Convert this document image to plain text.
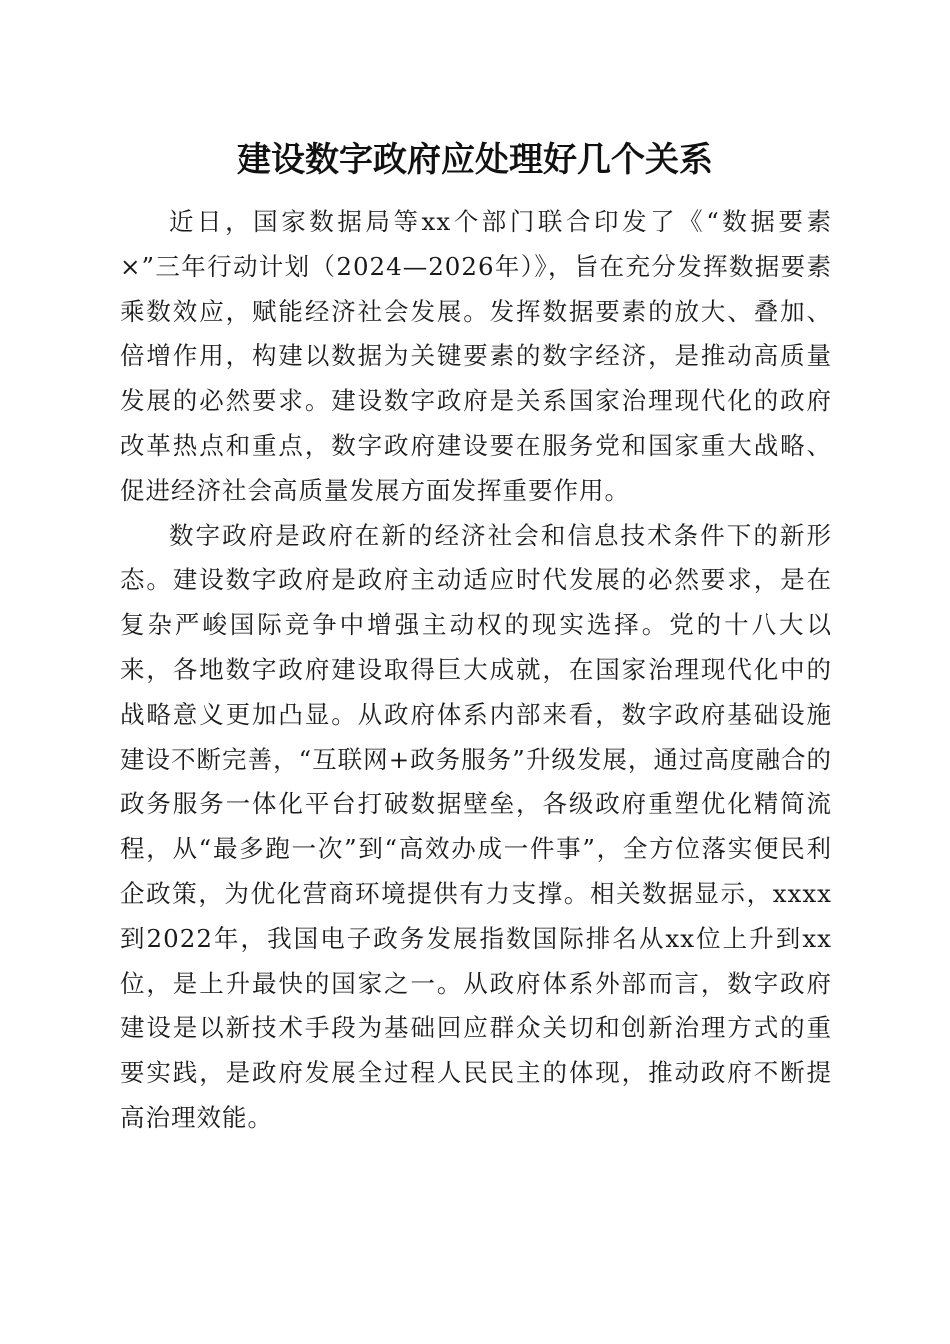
建设数字政府应处理好几个关系

近日，国家数据局等xx个部门联合印发了《“数据要素×”三年行动计划（2024—2026年）》，旨在充分发挥数据要素乘数效应，赋能经济社会发展。发挥数据要素的放大、叠加、倍增作用，构建以数据为关键要素的数字经济，是推动高质量发展的必然要求。建设数字政府是关系国家治理现代化的政府改革热点和重点，数字政府建设要在服务党和国家重大战略、促进经济社会高质量发展方面发挥重要作用。

数字政府是政府在新的经济社会和信息技术条件下的新形态。建设数字政府是政府主动适应时代发展的必然要求，是在复杂严峻国际竞争中增强主动权的现实选择。党的十八大以来，各地数字政府建设取得巨大成就，在国家治理现代化中的战略意义更加凸显。从政府体系内部来看，数字政府基础设施建设不断完善，“互联网+政务服务”升级发展，通过高度融合的政务服务一体化平台打破数据壁垒，各级政府重塑优化精简流程，从“最多跑一次”到“高效办成一件事”，全方位落实便民利企政策，为优化营商环境提供有力支撑。相关数据显示，xxxx到2022年，我国电子政务发展指数国际排名从xx位上升到xx位，是上升最快的国家之一。从政府体系外部而言，数字政府建设是以新技术手段为基础回应群众关切和创新治理方式的重要实践，是政府发展全过程人民民主的体现，推动政府不断提高治理效能。
